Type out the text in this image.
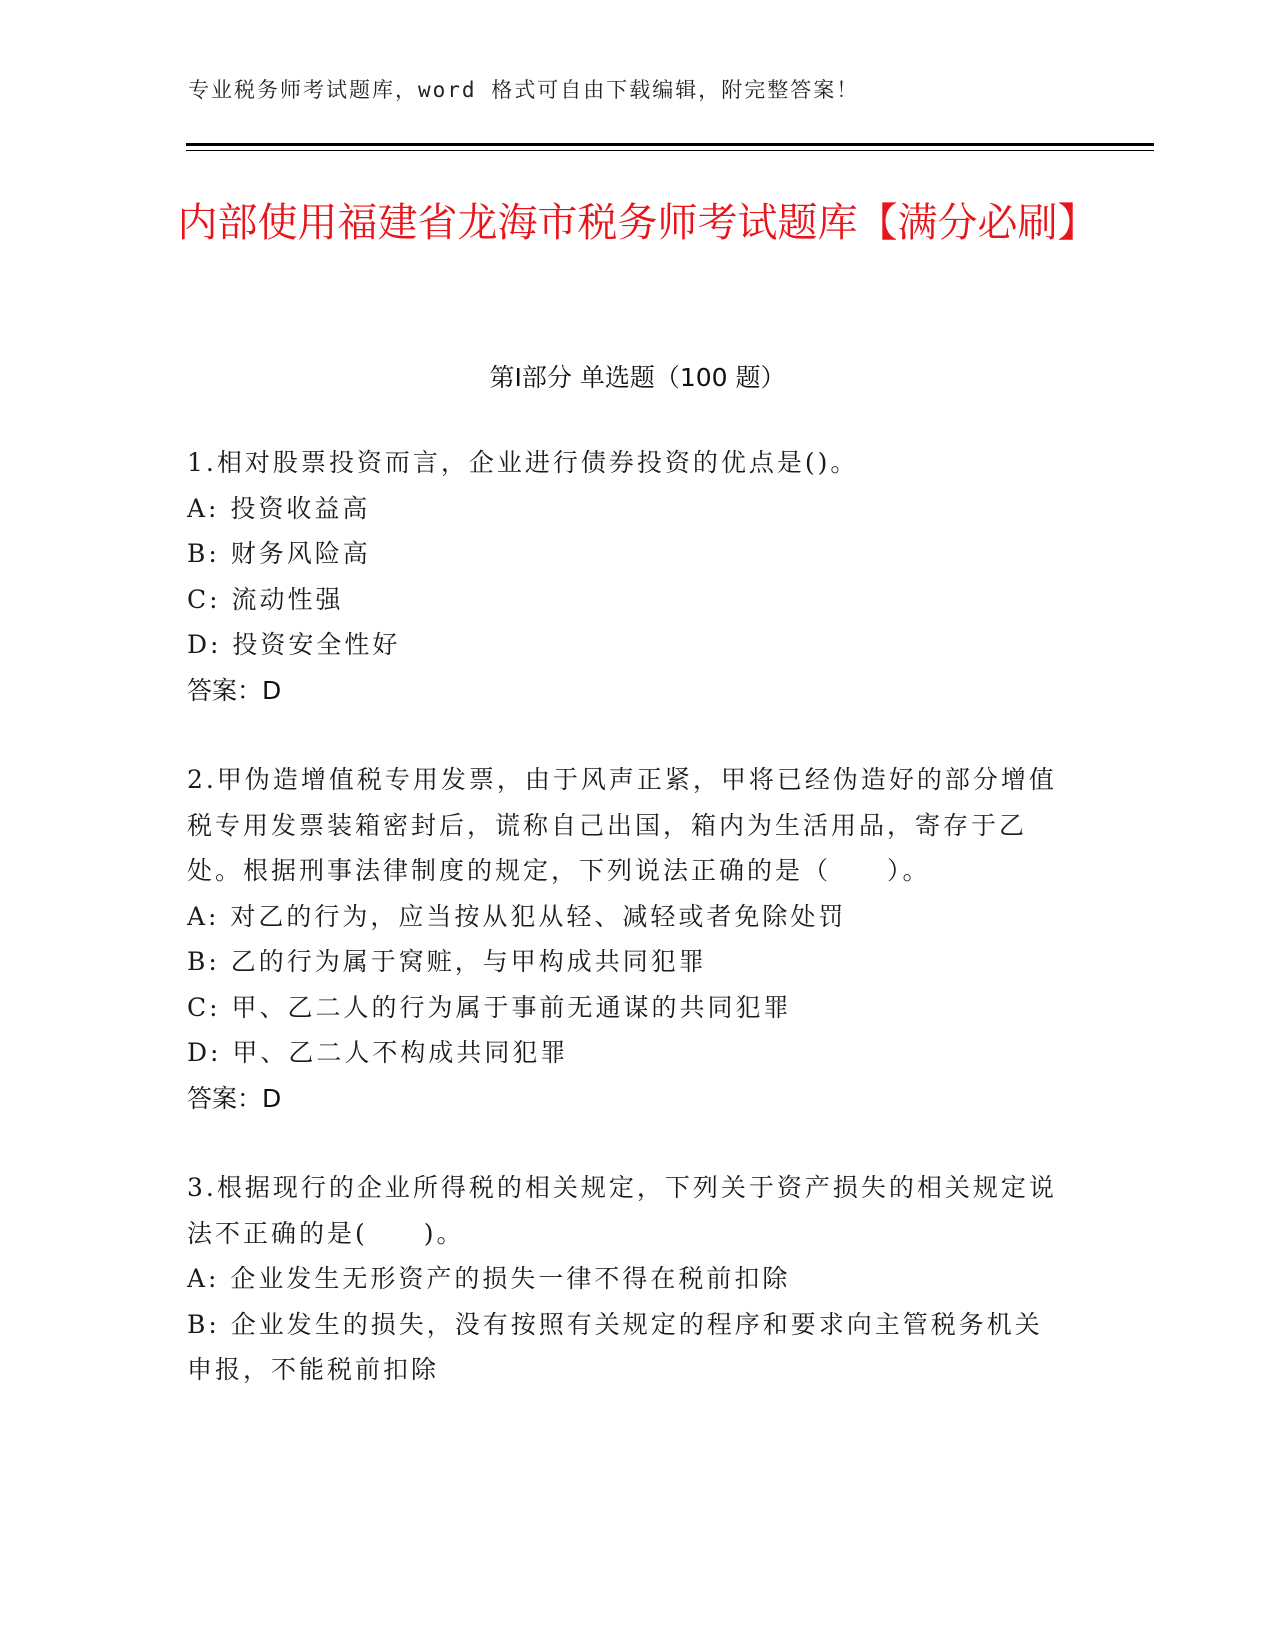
专业税务师考试题库，word 格式可自由下载编辑，附完整答案！
内部使用福建省龙海市税务师考试题库【满分必刷】
第Ⅰ部分 单选题（100 题）
1.相对股票投资而言，企业进行债券投资的优点是()。
A: 投资收益高
B: 财务风险高
C: 流动性强
D: 投资安全性好
答案：D
2.甲伪造增值税专用发票，由于风声正紧，甲将已经伪造好的部分增值税专用发票装箱密封后，谎称自己出国，箱内为生活用品，寄存于乙处。根据刑事法律制度的规定，下列说法正确的是（　　）。
A: 对乙的行为，应当按从犯从轻、减轻或者免除处罚
B: 乙的行为属于窝赃，与甲构成共同犯罪
C: 甲、乙二人的行为属于事前无通谋的共同犯罪
D: 甲、乙二人不构成共同犯罪
答案：D
3.根据现行的企业所得税的相关规定，下列关于资产损失的相关规定说法不正确的是(　　)。
A: 企业发生无形资产的损失一律不得在税前扣除
B: 企业发生的损失，没有按照有关规定的程序和要求向主管税务机关申报，不能税前扣除
